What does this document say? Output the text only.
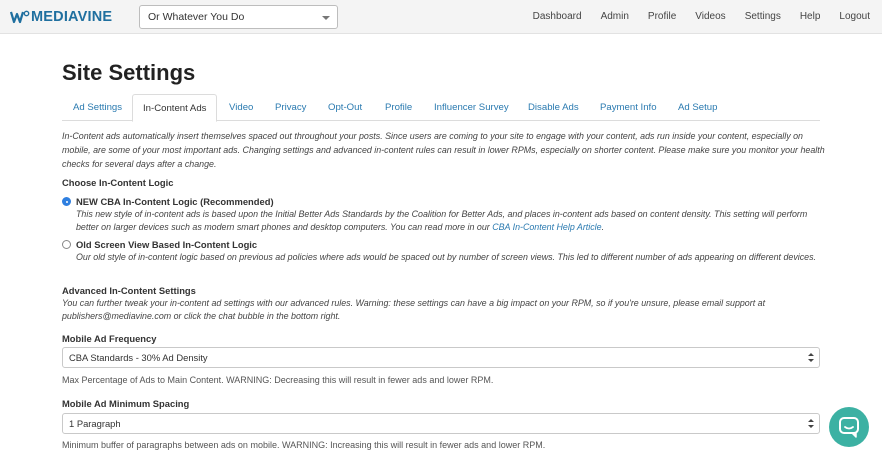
MEDIAVINE	Or Whatever You Do	Dashboard Admin Profile Videos Settings Help Logout
Site Settings
Ad Settings	In-Content Ads	Video Privacy Opt-Out Profile Influencer Survey Disable Ads Payment Info Ad Setup
In-Content ads automatically insert themselves spaced out throughout your posts. Since users are coming to your site to engage with your content, ads run inside your content, especially on mobile, are some of your most important ads. Changing settings and advanced in-content rules can result in lower RPMs, especially on shorter content. Please make sure you monitor your health checks for several days after a change.
Choose In-Content Logic
NEW CBA In-Content Logic (Recommended)
This new style of in-content ads is based upon the Initial Better Ads Standards by the Coalition for Better Ads, and places in-content ads based on content density. This setting will perform better on larger devices such as modern smart phones and desktop computers. You can read more in our CBA In-Content Help Article.
Old Screen View Based In-Content Logic
Our old style of in-content logic based on previous ad policies where ads would be spaced out by number of screen views. This led to different number of ads appearing on different devices.
Advanced In-Content Settings
You can further tweak your in-content ad settings with our advanced rules. Warning: these settings can have a big impact on your RPM, so if you're unsure, please email support at publishers@mediavine.com or click the chat bubble in the bottom right.
Mobile Ad Frequency
CBA Standards - 30% Ad Density
Max Percentage of Ads to Main Content. WARNING: Decreasing this will result in fewer ads and lower RPM.
Mobile Ad Minimum Spacing
1 Paragraph
Minimum buffer of paragraphs between ads on mobile. WARNING: Increasing this will result in fewer ads and lower RPM.
